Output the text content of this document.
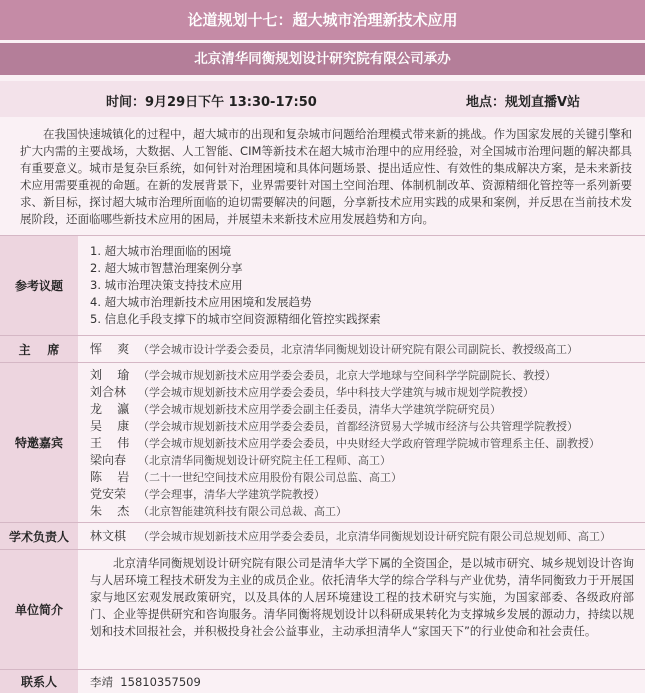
论道规划十七：超大城市治理新技术应用
北京清华同衡规划设计研究院有限公司承办
时间：9月29日下午 13:30-17:50	地点：规划直播V站

在我国快速城镇化的过程中，超大城市的出现和复杂城市问题给治理模式带来新的挑战。作为国家发展的关键引擎和扩大内需的主要战场，大数据、人工智能、CIM等新技术在超大城市治理中的应用经验，对全国城市治理问题的解决都具有重要意义。城市是复杂巨系统，如何针对治理困境和具体问题场景、提出适应性、有效性的集成解决方案，是未来新技术应用需要重视的命题。在新的发展背景下，业界需要针对国土空间治理、体制机制改革、资源精细化管控等一系列新要求、新目标，探讨超大城市治理所面临的迫切需要解决的问题，分享新技术应用实践的成果和案例，并反思在当前技术发展阶段，还面临哪些新技术应用的困局，并展望未来新技术应用发展趋势和方向。

参考议题
1. 超大城市治理面临的困境
2. 超大城市智慧治理案例分享
3. 城市治理决策支持技术应用
4. 超大城市治理新技术应用困境和发展趋势
5. 信息化手段支撑下的城市空间资源精细化管控实践探索
主    席	恽    爽 （学会城市设计学委会委员，北京清华同衡规划设计研究院有限公司副院长、教授级高工）
特邀嘉宾
刘    瑜 （学会城市规划新技术应用学委会委员，北京大学地球与空间科学学院副院长、教授）
刘合林 （学会城市规划新技术应用学委会委员，华中科技大学建筑与城市规划学院教授）
龙    瀛 （学会城市规划新技术应用学委会副主任委员，清华大学建筑学院研究员）
吴    康 （学会城市规划新技术应用学委会委员，首都经济贸易大学城市经济与公共管理学院教授）
王    伟 （学会城市规划新技术应用学委会委员，中央财经大学政府管理学院城市管理系主任、副教授）
梁向春 （北京清华同衡规划设计研究院主任工程师、高工）
陈    岩 （二十一世纪空间技术应用股份有限公司总监、高工）
党安荣 （学会理事，清华大学建筑学院教授）
朱    杰 （北京智能建筑科技有限公司总裁、高工）
学术负责人	林文棋 （学会城市规划新技术应用学委会委员，北京清华同衡规划设计研究院有限公司总规划师、高工）
单位简介

北京清华同衡规划设计研究院有限公司是清华大学下属的全资国企，是以城市研究、城乡规划设计咨询与人居环境工程技术研发为主业的成员企业。依托清华大学的综合学科与产业优势，清华同衡致力于开展国家与地区宏观发展政策研究，以及具体的人居环境建设工程的技术研究与实施，为国家部委、各级政府部门、企业等提供研究和咨询服务。清华同衡将规划设计以科研成果转化为支撑城乡发展的源动力，持续以规划和技术回报社会，并积极投身社会公益事业，主动承担清华人“家国天下”的行业使命和社会责任。

联系人	李靖  15810357509
